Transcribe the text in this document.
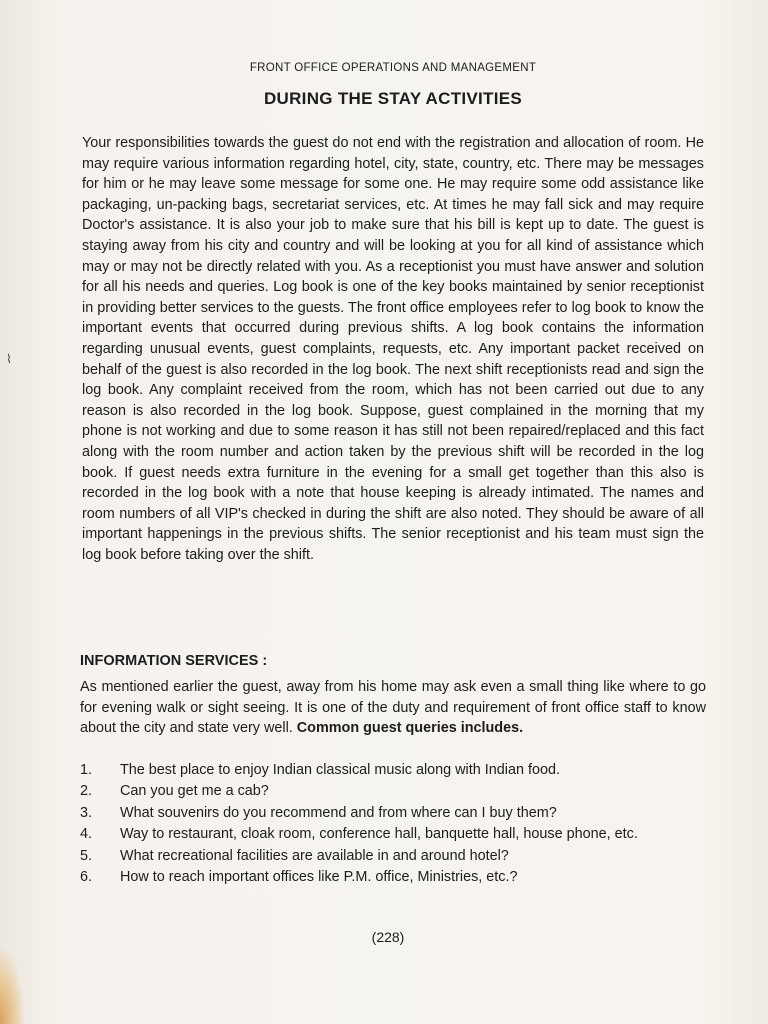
FRONT OFFICE OPERATIONS AND MANAGEMENT
DURING THE STAY ACTIVITIES

Your responsibilities towards the guest do not end with the registration and allocation of room. He may require various information regarding hotel, city, state, country, etc. There may be messages for him or he may leave some message for some one. He may require some odd assistance like packaging, un-packing bags, secretariat services, etc. At times he may fall sick and may require Doctor's assistance. It is also your job to make sure that his bill is kept up to date. The guest is staying away from his city and country and will be looking at you for all kind of assistance which may or may not be directly related with you. As a receptionist you must have answer and solution for all his needs and queries. Log book is one of the key books maintained by senior receptionist in providing better services to the guests. The front office employees refer to log book to know the important events that occurred during previous shifts. A log book contains the information regarding unusual events, guest complaints, requests, etc. Any important packet received on behalf of the guest is also recorded in the log book. The next shift receptionists read and sign the log book. Any complaint received from the room, which has not been carried out due to any reason is also recorded in the log book. Suppose, guest complained in the morning that my phone is not working and due to some reason it has still not been repaired/replaced and this fact along with the room number and action taken by the previous shift will be recorded in the log book. If guest needs extra furniture in the evening for a small get together than this also is recorded in the log book with a note that house keeping is already intimated. The names and room numbers of all VIP's checked in during the shift are also noted. They should be aware of all important happenings in the previous shifts. The senior receptionist and his team must sign the log book before taking over the shift.

⌇
INFORMATION SERVICES :

As mentioned earlier the guest, away from his home may ask even a small thing like where to go for evening walk or sight seeing. It is one of the duty and requirement of front office staff to know about the city and state very well. Common guest queries includes.

1. The best place to enjoy Indian classical music along with Indian food.
2. Can you get me a cab?
3. What souvenirs do you recommend and from where can I buy them?
4. Way to restaurant, cloak room, conference hall, banquette hall, house phone, etc.
5. What recreational facilities are available in and around hotel?
6. How to reach important offices like P.M. office, Ministries, etc.?
(228)
